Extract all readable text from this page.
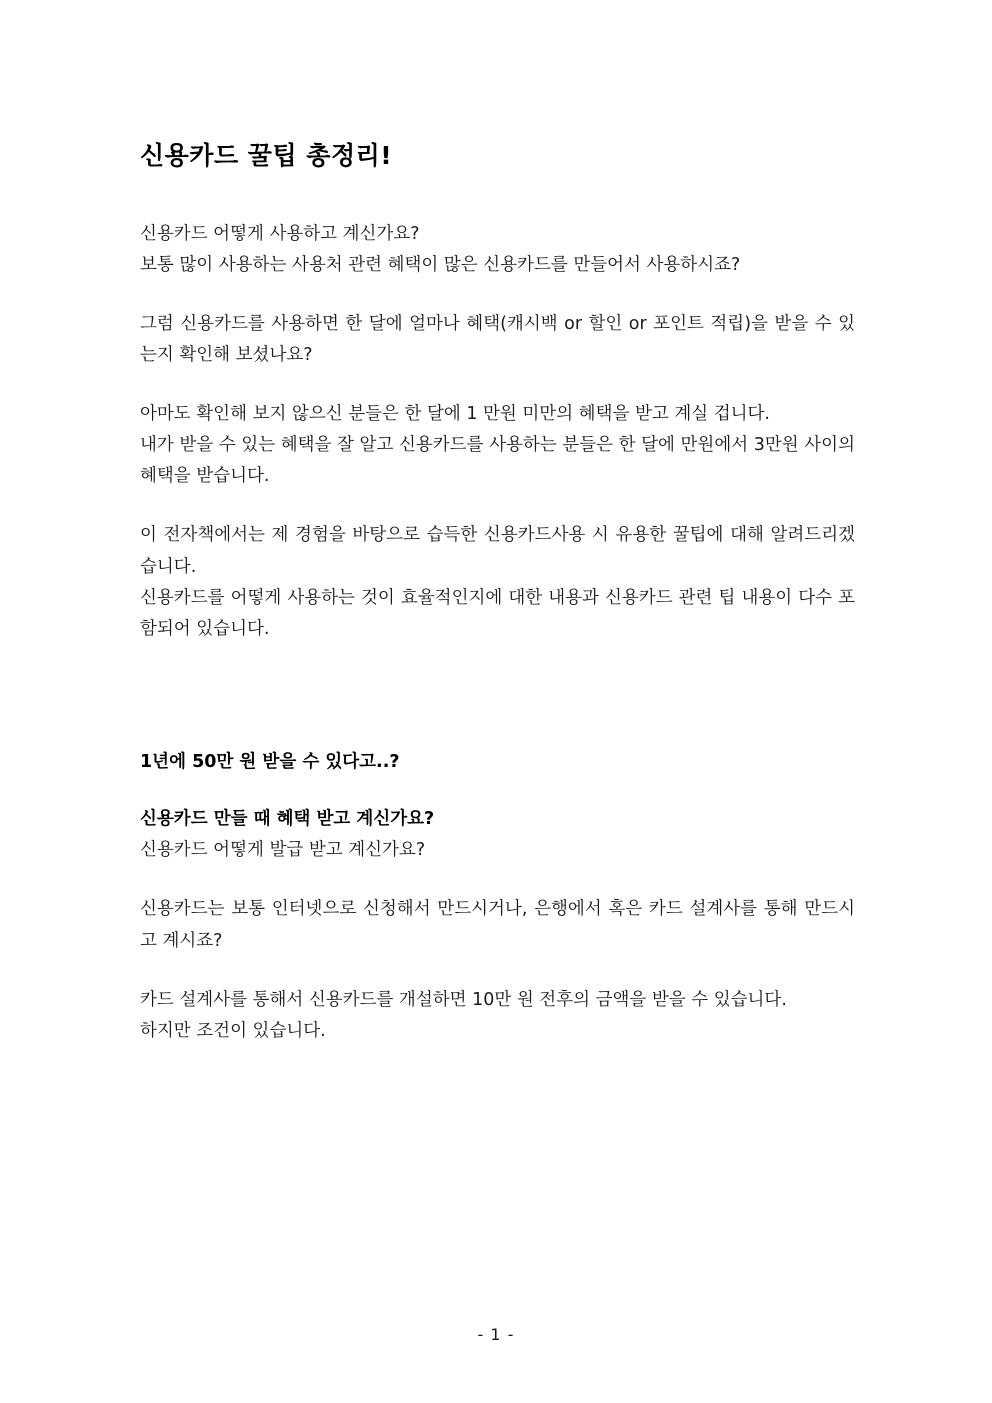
신용카드 꿀팁 총정리!

신용카드 어떻게 사용하고 계신가요?
보통 많이 사용하는 사용처 관련 혜택이 많은 신용카드를 만들어서 사용하시죠?

그럼 신용카드를 사용하면 한 달에 얼마나 혜택(캐시백 or 할인 or 포인트 적립)을 받을 수 있는지 확인해 보셨나요?

아마도 확인해 보지 않으신 분들은 한 달에 1 만원 미만의 혜택을 받고 계실 겁니다.
내가 받을 수 있는 혜택을 잘 알고 신용카드를 사용하는 분들은 한 달에 만원에서 3만원 사이의 혜택을 받습니다.

이 전자책에서는 제 경험을 바탕으로 습득한 신용카드사용 시 유용한 꿀팁에 대해 알려드리겠습니다.
신용카드를 어떻게 사용하는 것이 효율적인지에 대한 내용과 신용카드 관련 팁 내용이 다수 포함되어 있습니다.

1년에 50만 원 받을 수 있다고..?

신용카드 만들 때 혜택 받고 계신가요?

신용카드 어떻게 발급 받고 계신가요?

신용카드는 보통 인터넷으로 신청해서 만드시거나, 은행에서 혹은 카드 설계사를 통해 만드시고 계시죠?

카드 설계사를 통해서 신용카드를 개설하면 10만 원 전후의 금액을 받을 수 있습니다.
하지만 조건이 있습니다.

- 1 -
